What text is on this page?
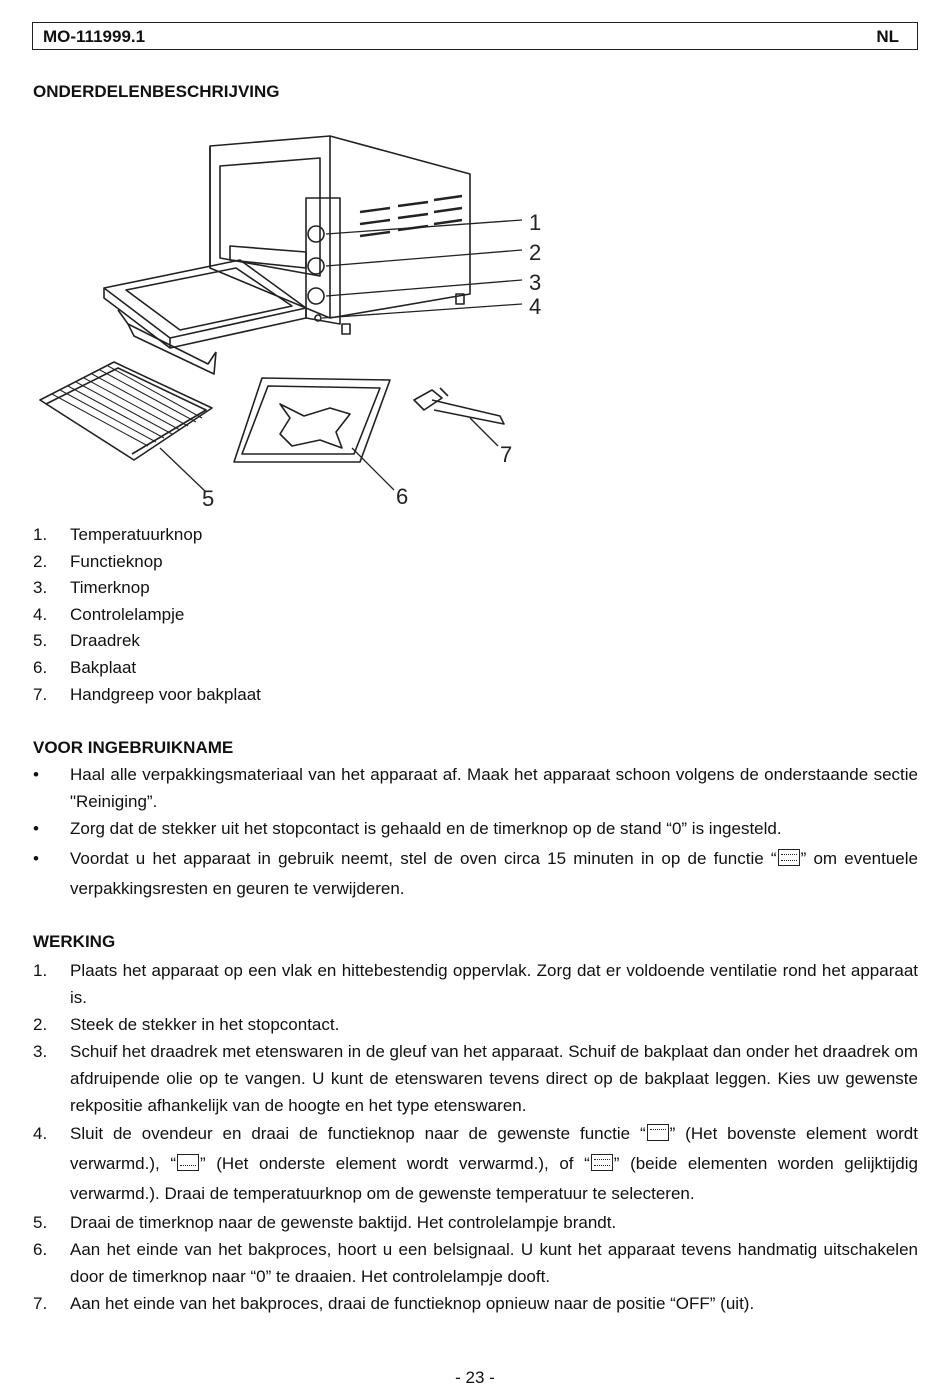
MO-111999.1	NL
ONDERDELENBESCHRIJVING
1
2
3
4
5	6
7
1.	Temperatuurknop
2.	Functieknop
3.	Timerknop
4.	Controlelampje
5.	Draadrek
6.	Bakplaat
7.	Handgreep voor bakplaat
VOOR INGEBRUIKNAME
• Haal alle verpakkingsmateriaal van het apparaat af. Maak het apparaat schoon volgens de onderstaande sectie "Reiniging”.
• Zorg dat de stekker uit het stopcontact is gehaald en de timerknop op de stand “0” is ingesteld.
• Voordat u het apparaat in gebruik neemt, stel de oven circa 15 minuten in op de functie “ ” om eventuele verpakkingsresten en geuren te verwijderen.
WERKING
1. Plaats het apparaat op een vlak en hittebestendig oppervlak. Zorg dat er voldoende ventilatie rond het apparaat is.
2. Steek de stekker in het stopcontact.
3. Schuif het draadrek met etenswaren in de gleuf van het apparaat. Schuif de bakplaat dan onder het draadrek om afdruipende olie op te vangen. U kunt de etenswaren tevens direct op de bakplaat leggen. Kies uw gewenste rekpositie afhankelijk van de hoogte en het type etenswaren.
4. Sluit de ovendeur en draai de functieknop naar de gewenste functie “ ” (Het bovenste element wordt verwarmd.), “ ” (Het onderste element wordt verwarmd.), of “ ” (beide elementen worden gelijktijdig verwarmd.). Draai de temperatuurknop om de gewenste temperatuur te selecteren.
5. Draai de timerknop naar de gewenste baktijd. Het controlelampje brandt.
6. Aan het einde van het bakproces, hoort u een belsignaal. U kunt het apparaat tevens handmatig uitschakelen door de timerknop naar “0” te draaien. Het controlelampje dooft.
7. Aan het einde van het bakproces, draai de functieknop opnieuw naar de positie “OFF” (uit).
- 23 -
